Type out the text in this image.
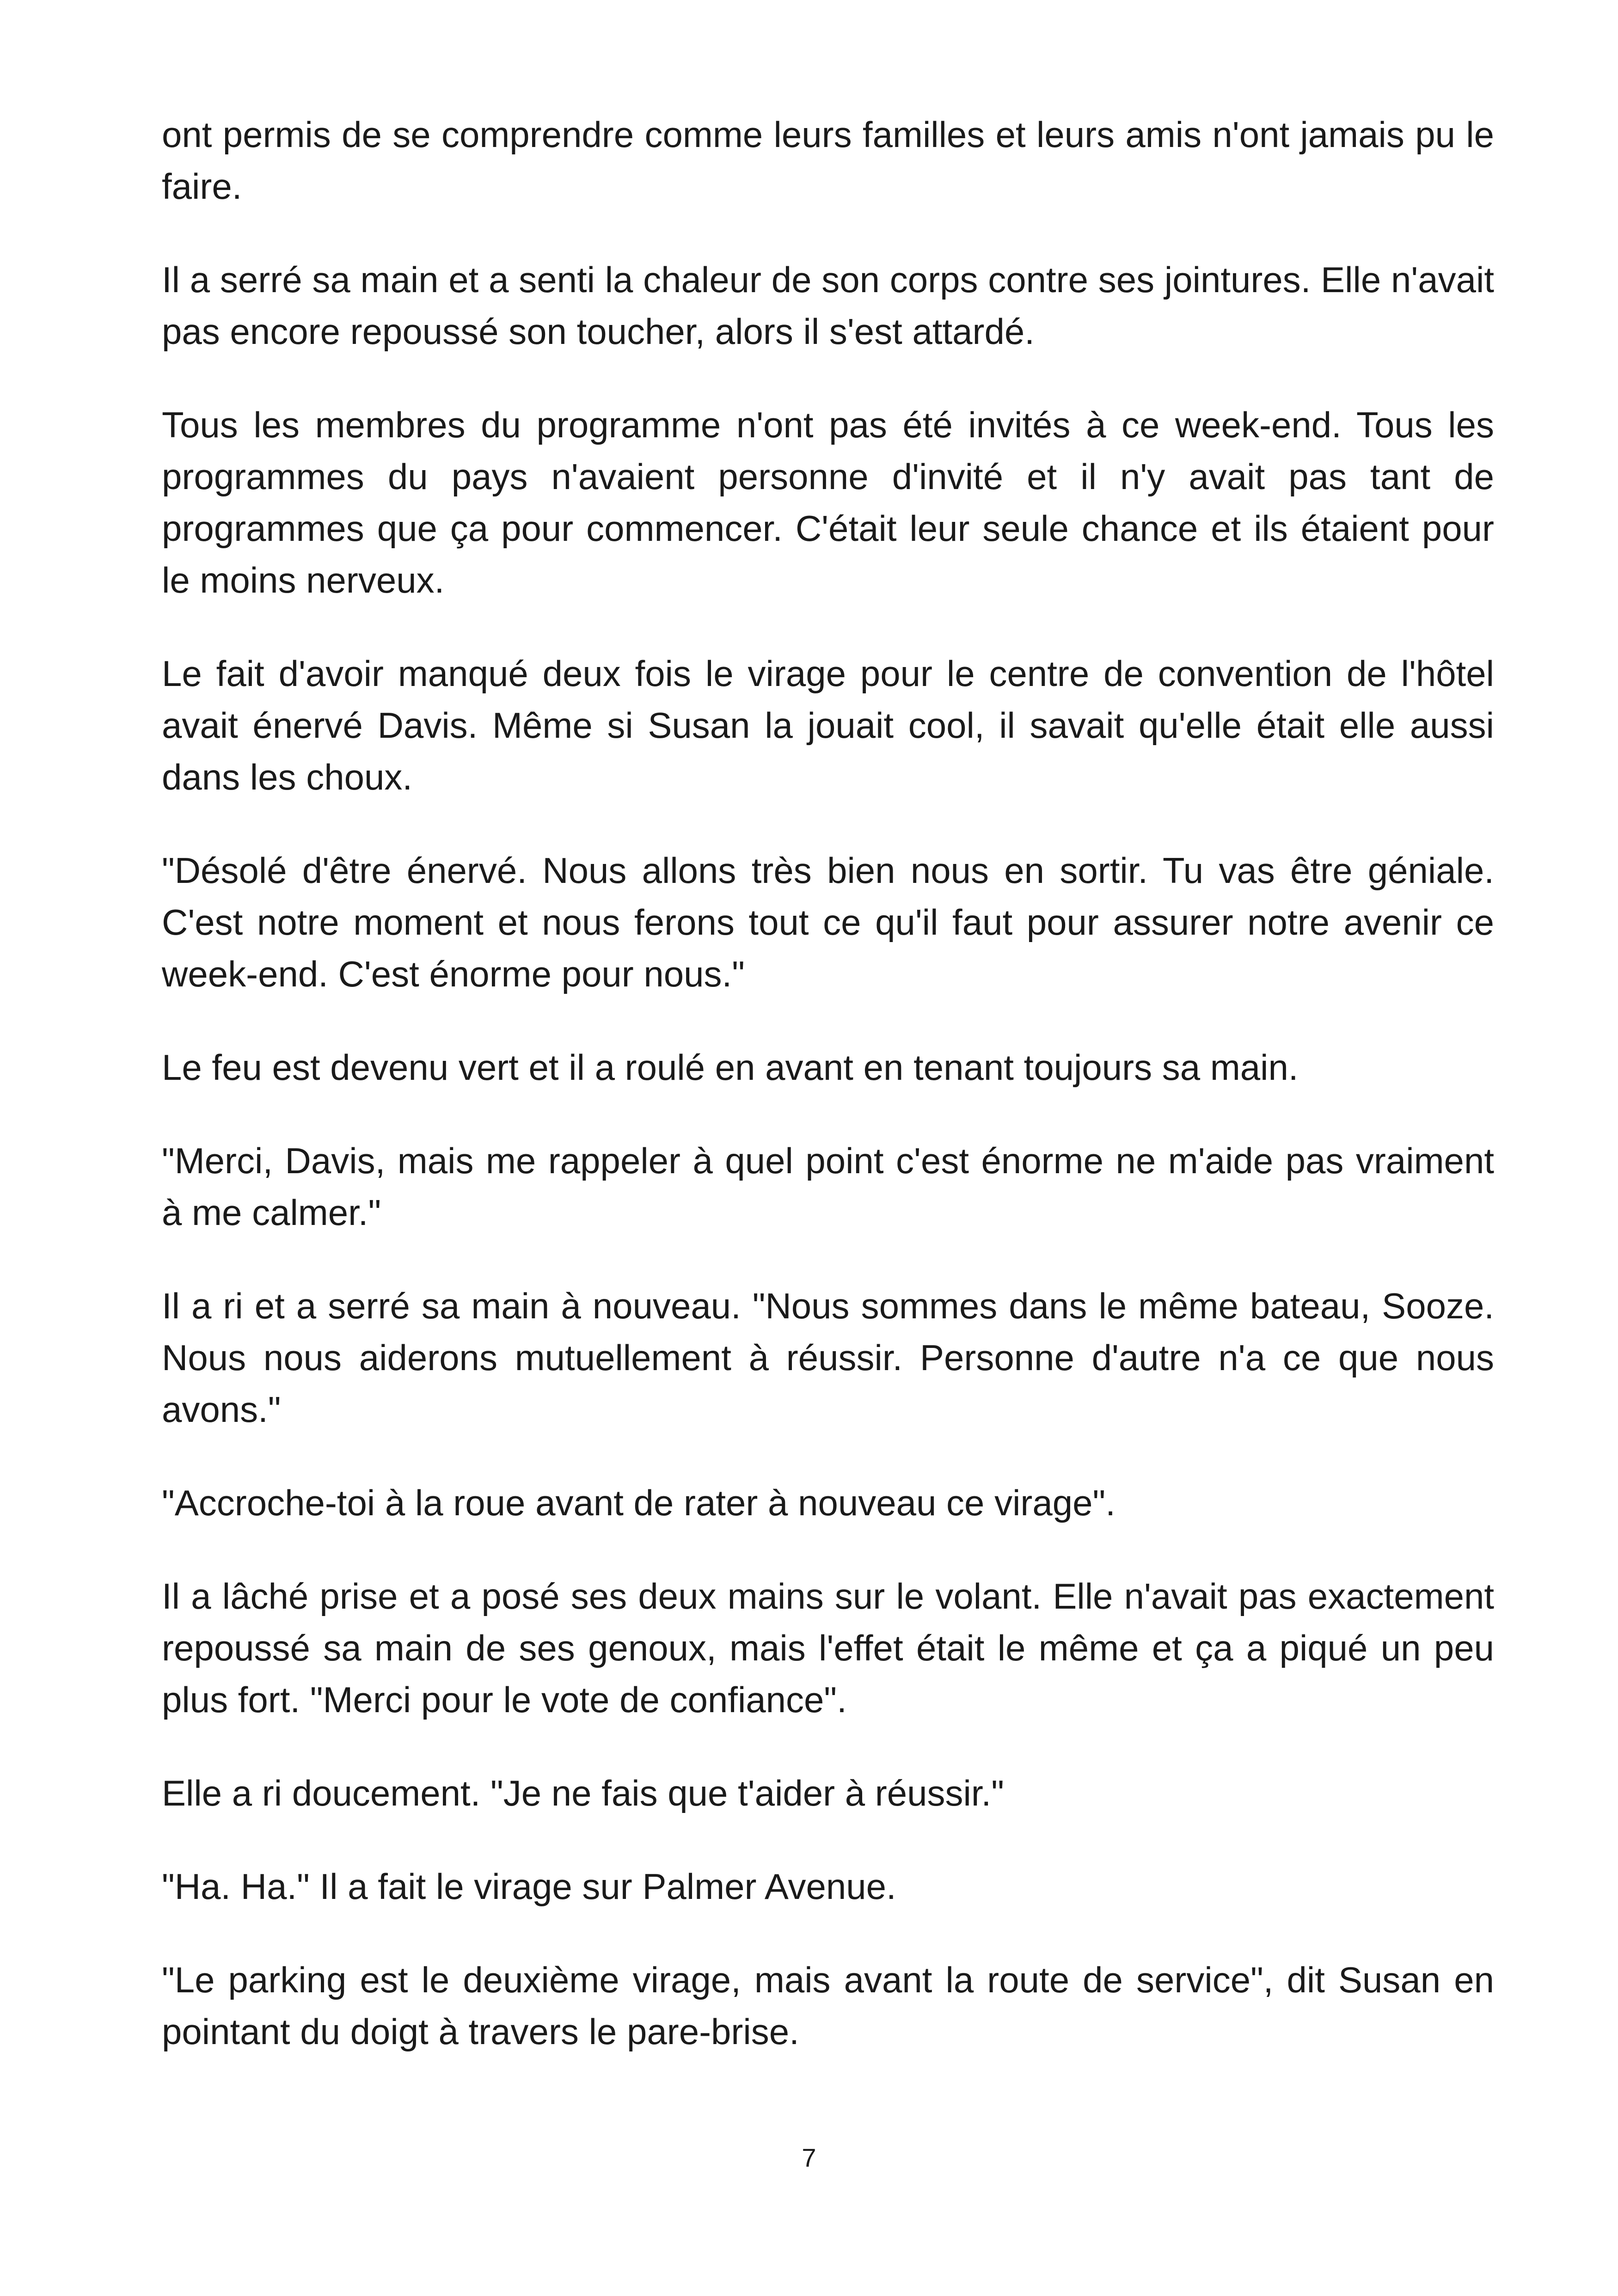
ont permis de se comprendre comme leurs familles et leurs amis n'ont jamais pu le faire.

Il a serré sa main et a senti la chaleur de son corps contre ses jointures. Elle n'avait pas encore repoussé son toucher, alors il s'est attardé.

Tous les membres du programme n'ont pas été invités à ce week-end. Tous les programmes du pays n'avaient personne d'invité et il n'y avait pas tant de programmes que ça pour commencer. C'était leur seule chance et ils étaient pour le moins nerveux.

Le fait d'avoir manqué deux fois le virage pour le centre de convention de l'hôtel avait énervé Davis. Même si Susan la jouait cool, il savait qu'elle était elle aussi dans les choux.

"Désolé d'être énervé. Nous allons très bien nous en sortir. Tu vas être géniale. C'est notre moment et nous ferons tout ce qu'il faut pour assurer notre avenir ce week-end. C'est énorme pour nous."

Le feu est devenu vert et il a roulé en avant en tenant toujours sa main.

"Merci, Davis, mais me rappeler à quel point c'est énorme ne m'aide pas vraiment à me calmer."

Il a ri et a serré sa main à nouveau. "Nous sommes dans le même bateau, Sooze. Nous nous aiderons mutuellement à réussir. Personne d'autre n'a ce que nous avons."

"Accroche-toi à la roue avant de rater à nouveau ce virage".

Il a lâché prise et a posé ses deux mains sur le volant. Elle n'avait pas exactement repoussé sa main de ses genoux, mais l'effet était le même et ça a piqué un peu plus fort. "Merci pour le vote de confiance".

Elle a ri doucement. "Je ne fais que t'aider à réussir."

"Ha. Ha." Il a fait le virage sur Palmer Avenue.

"Le parking est le deuxième virage, mais avant la route de service", dit Susan en pointant du doigt à travers le pare-brise.

7
